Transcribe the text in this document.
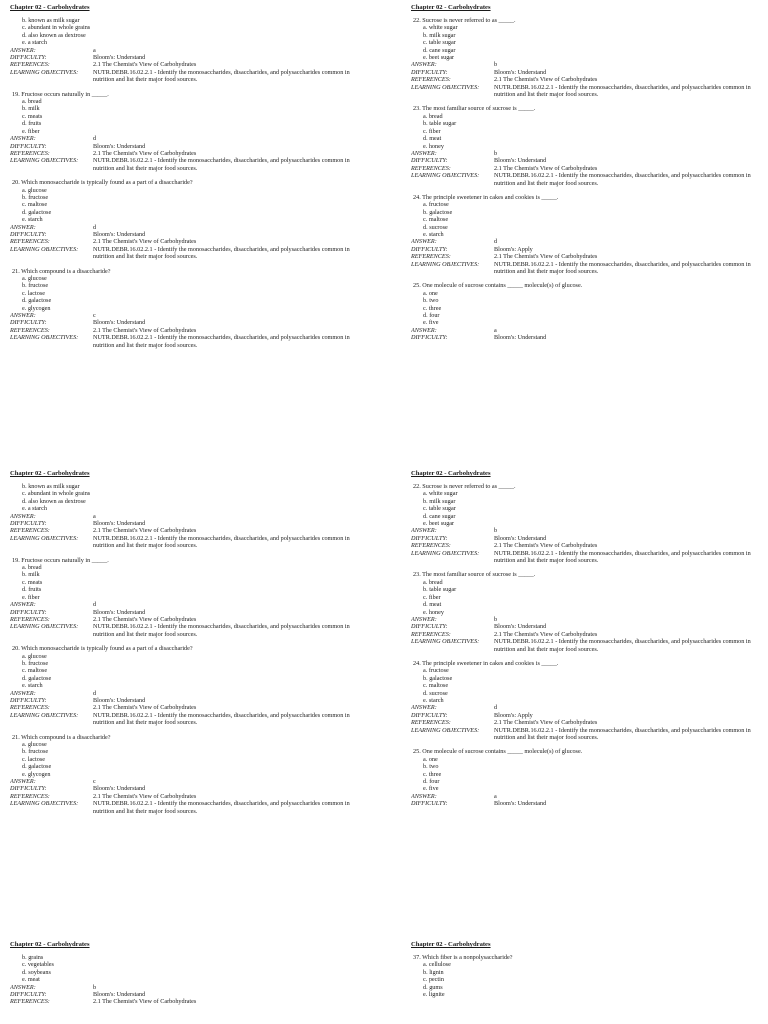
Chapter 02 - Carbohydrates
b. known as milk sugar
c. abundant in whole grains
d. also known as dextrose
e. a starch
ANSWER:	a
DIFFICULTY:	Bloom's: Understand
REFERENCES:	2.1 The Chemist's View of Carbohydrates
LEARNING OBJECTIVES:	NUTR.DEBR.16.02.2.1 - Identify the monosaccharides, disaccharides, and polysaccharides common in nutrition and list their major food sources.
19. Fructose occurs naturally in _____.
a. bread
b. milk
c. meats
d. fruits
e. fiber
ANSWER:	d
DIFFICULTY:	Bloom's: Understand
REFERENCES:	2.1 The Chemist's View of Carbohydrates
LEARNING OBJECTIVES:	NUTR.DEBR.16.02.2.1 - Identify the monosaccharides, disaccharides, and polysaccharides common in nutrition and list their major food sources.
20. Which monosaccharide is typically found as a part of a disaccharide?
a. glucose
b. fructose
c. maltose
d. galactose
e. starch
ANSWER:	d
DIFFICULTY:	Bloom's: Understand
REFERENCES:	2.1 The Chemist's View of Carbohydrates
LEARNING OBJECTIVES:	NUTR.DEBR.16.02.2.1 - Identify the monosaccharides, disaccharides, and polysaccharides common in nutrition and list their major food sources.
21. Which compound is a disaccharide?
a. glucose
b. fructose
c. lactose
d. galactose
e. glycogen
ANSWER:	c
DIFFICULTY:	Bloom's: Understand
REFERENCES:	2.1 The Chemist's View of Carbohydrates
LEARNING OBJECTIVES:	NUTR.DEBR.16.02.2.1 - Identify the monosaccharides, disaccharides, and polysaccharides common in nutrition and list their major food sources.
Chapter 02 - Carbohydrates
22. Sucrose is never referred to as _____.
a. white sugar
b. milk sugar
c. table sugar
d. cane sugar
e. beet sugar
ANSWER:	b
DIFFICULTY:	Bloom's: Understand
REFERENCES:	2.1 The Chemist's View of Carbohydrates
LEARNING OBJECTIVES:	NUTR.DEBR.16.02.2.1 - Identify the monosaccharides, disaccharides, and polysaccharides common in nutrition and list their major food sources.
23. The most familiar source of sucrose is _____.
a. bread
b. table sugar
c. fiber
d. meat
e. honey
ANSWER:	b
DIFFICULTY:	Bloom's: Understand
REFERENCES:	2.1 The Chemist's View of Carbohydrates
LEARNING OBJECTIVES:	NUTR.DEBR.16.02.2.1 - Identify the monosaccharides, disaccharides, and polysaccharides common in nutrition and list their major food sources.
24. The principle sweetener in cakes and cookies is _____.
a. fructose
b. galactose
c. maltose
d. sucrose
e. starch
ANSWER:	d
DIFFICULTY:	Bloom's: Apply
REFERENCES:	2.1 The Chemist's View of Carbohydrates
LEARNING OBJECTIVES:	NUTR.DEBR.16.02.2.1 - Identify the monosaccharides, disaccharides, and polysaccharides common in nutrition and list their major food sources.
25. One molecule of sucrose contains _____ molecule(s) of glucose.
a. one
b. two
c. three
d. four
e. five
ANSWER:	a
DIFFICULTY:	Bloom's: Understand
Chapter 02 - Carbohydrates
b. known as milk sugar
c. abundant in whole grains
d. also known as dextrose
e. a starch
ANSWER:	a
DIFFICULTY:	Bloom's: Understand
REFERENCES:	2.1 The Chemist's View of Carbohydrates
LEARNING OBJECTIVES:	NUTR.DEBR.16.02.2.1 - Identify the monosaccharides, disaccharides, and polysaccharides common in nutrition and list their major food sources.
19. Fructose occurs naturally in _____.
a. bread
b. milk
c. meats
d. fruits
e. fiber
ANSWER:	d
DIFFICULTY:	Bloom's: Understand
REFERENCES:	2.1 The Chemist's View of Carbohydrates
LEARNING OBJECTIVES:	NUTR.DEBR.16.02.2.1 - Identify the monosaccharides, disaccharides, and polysaccharides common in nutrition and list their major food sources.
20. Which monosaccharide is typically found as a part of a disaccharide?
a. glucose
b. fructose
c. maltose
d. galactose
e. starch
ANSWER:	d
DIFFICULTY:	Bloom's: Understand
REFERENCES:	2.1 The Chemist's View of Carbohydrates
LEARNING OBJECTIVES:	NUTR.DEBR.16.02.2.1 - Identify the monosaccharides, disaccharides, and polysaccharides common in nutrition and list their major food sources.
21. Which compound is a disaccharide?
a. glucose
b. fructose
c. lactose
d. galactose
e. glycogen
ANSWER:	c
DIFFICULTY:	Bloom's: Understand
REFERENCES:	2.1 The Chemist's View of Carbohydrates
LEARNING OBJECTIVES:	NUTR.DEBR.16.02.2.1 - Identify the monosaccharides, disaccharides, and polysaccharides common in nutrition and list their major food sources.
Chapter 02 - Carbohydrates
22. Sucrose is never referred to as _____.
a. white sugar
b. milk sugar
c. table sugar
d. cane sugar
e. beet sugar
ANSWER:	b
DIFFICULTY:	Bloom's: Understand
REFERENCES:	2.1 The Chemist's View of Carbohydrates
LEARNING OBJECTIVES:	NUTR.DEBR.16.02.2.1 - Identify the monosaccharides, disaccharides, and polysaccharides common in nutrition and list their major food sources.
23. The most familiar source of sucrose is _____.
a. bread
b. table sugar
c. fiber
d. meat
e. honey
ANSWER:	b
DIFFICULTY:	Bloom's: Understand
REFERENCES:	2.1 The Chemist's View of Carbohydrates
LEARNING OBJECTIVES:	NUTR.DEBR.16.02.2.1 - Identify the monosaccharides, disaccharides, and polysaccharides common in nutrition and list their major food sources.
24. The principle sweetener in cakes and cookies is _____.
a. fructose
b. galactose
c. maltose
d. sucrose
e. starch
ANSWER:	d
DIFFICULTY:	Bloom's: Apply
REFERENCES:	2.1 The Chemist's View of Carbohydrates
LEARNING OBJECTIVES:	NUTR.DEBR.16.02.2.1 - Identify the monosaccharides, disaccharides, and polysaccharides common in nutrition and list their major food sources.
25. One molecule of sucrose contains _____ molecule(s) of glucose.
a. one
b. two
c. three
d. four
e. five
ANSWER:	a
DIFFICULTY:	Bloom's: Understand
Chapter 02 - Carbohydrates
b. grains
c. vegetables
d. soybeans
e. meat
ANSWER:	b
DIFFICULTY:	Bloom's: Understand
REFERENCES:	2.1 The Chemist's View of Carbohydrates
Chapter 02 - Carbohydrates
37. Which fiber is a nonpolysaccharide?
a. cellulose
b. lignin
c. pectin
d. gums
e. lignite
